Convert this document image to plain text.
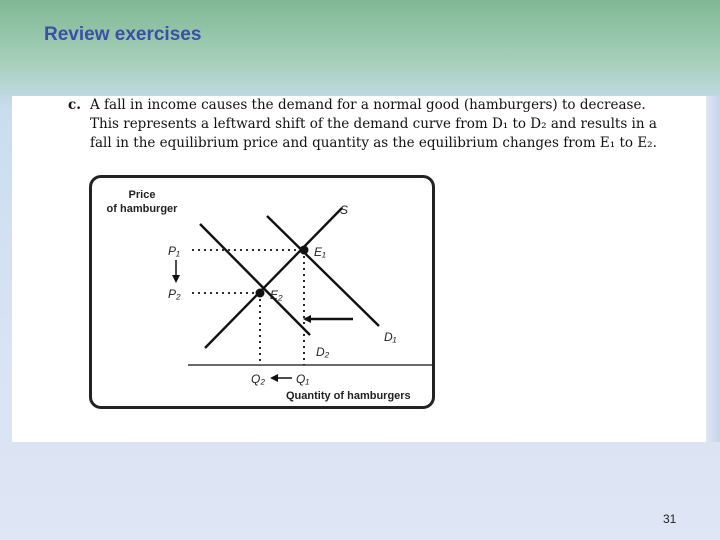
Review exercises
c. A fall in income causes the demand for a normal good (hamburgers) to decrease.

This represents a leftward shift of the demand curve from D₁ to D₂ and results in a

fall in the equilibrium price and quantity as the equilibrium changes from E₁ to E₂.

Price
of hamburger	S
D₁
D₂
E₁
E₂
P₁
P₂
Q₂	Q₁
Quantity of hamburgers
31
